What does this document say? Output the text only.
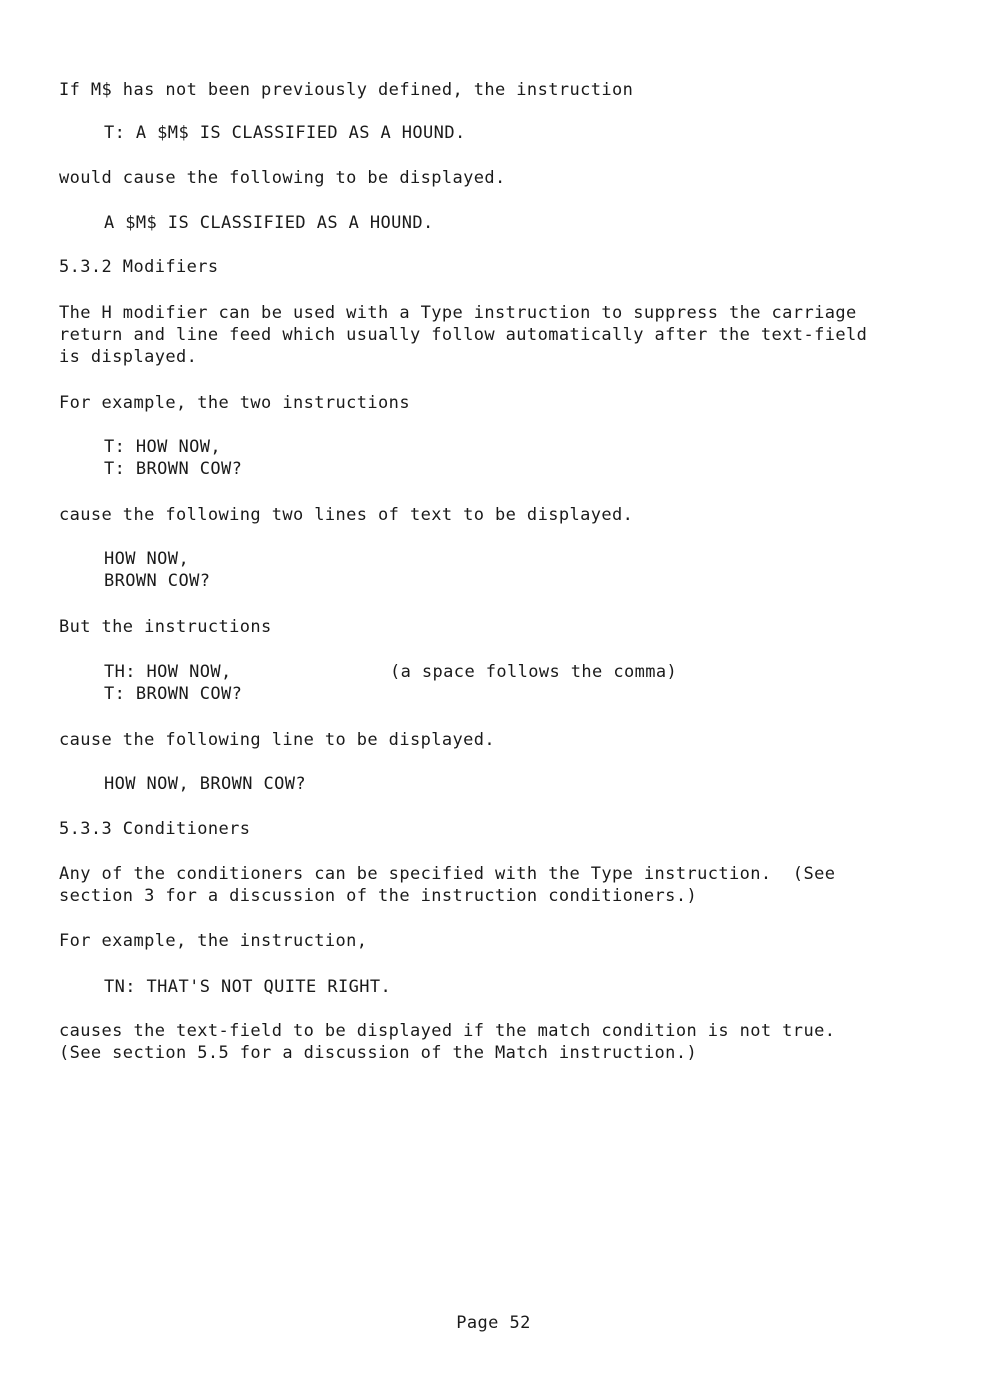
If M$ has not been previously defined, the instruction
T: A $M$ IS CLASSIFIED AS A HOUND.
would cause the following to be displayed.
A $M$ IS CLASSIFIED AS A HOUND.
5.3.2 Modifiers
The H modifier can be used with a Type instruction to suppress the carriage
return and line feed which usually follow automatically after the text-field
is displayed.
For example, the two instructions
T: HOW NOW,
T: BROWN COW?
cause the following two lines of text to be displayed.
HOW NOW,
BROWN COW?
But the instructions
TH: HOW NOW,	(a space follows the comma)
T: BROWN COW?
cause the following line to be displayed.
HOW NOW, BROWN COW?
5.3.3 Conditioners
Any of the conditioners can be specified with the Type instruction.  (See
section 3 for a discussion of the instruction conditioners.)
For example, the instruction,
TN: THAT'S NOT QUITE RIGHT.
causes the text-field to be displayed if the match condition is not true.
(See section 5.5 for a discussion of the Match instruction.)
Page 52
